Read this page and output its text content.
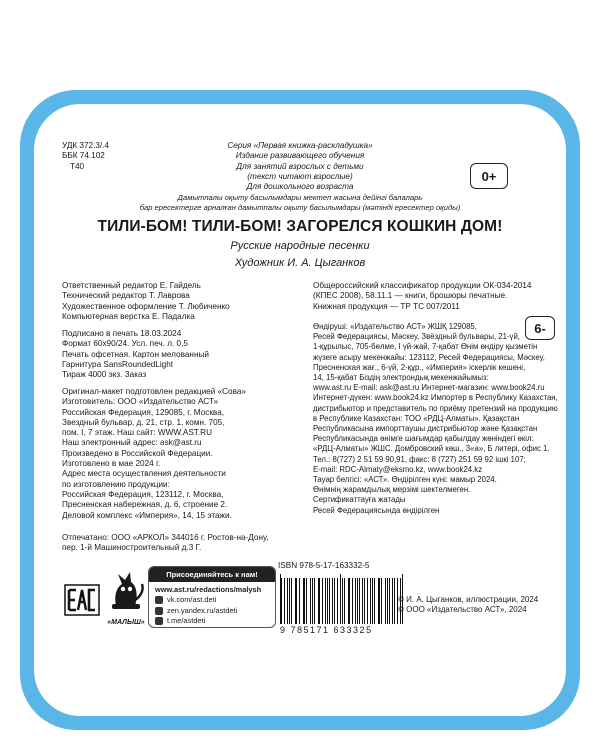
УДК 372.3/.4
ББК 74.102
Т40
Серия «Первая книжка-раскладушка»
Издание развивающего обучения
Для занятий взрослых с детьми
(текст читают взрослые)
Для дошкольного возраста
Дамытпалы оқыту басылымдары мектеп жасына дейінгі балаларь
бар ересектерге арналған дамытпалы оқыту басылымдары (мәтінді ересектер оқиды)
0+
ТИЛИ-БОМ! ТИЛИ-БОМ! ЗАГОРЕЛСЯ КОШКИН ДОМ!
Русские народные песенки
Художник И. А. Цыганков
Ответственный редактор Е. Гайдель
Технический редактор Т. Лаврова
Художественное оформление Т. Любиченко
Компьютерная верстка Е. Падалка
Подписано в печать 18.03.2024
Формат 60x90/24. Усл. печ. л. 0,5
Печать офсетная. Картон мелованный
Гарнитура SansRoundedLight
Тираж 4000 экз. Заказ
Оригинал-макет подготовлен редакцией «Сова»
Изготовитель: ООО «Издательство АСТ»
Российская Федерация, 129085, г. Москва,
Звездный бульвар, д. 21, стр. 1, комн. 705,
пом. I, 7 этаж. Наш сайт: WWW.AST.RU
Наш электронный адрес: ask@ast.ru
Произведено в Российской Федерации.
Изготовлено в мае 2024 г.
Адрес места осуществления деятельности
по изготовлению продукции:
Российская Федерация, 123112, г. Москва,
Пресненская набережная, д. 6, строение 2.
Деловой комплекс «Империя», 14, 15 этажи.
Отпечатано: ООО «АРКОЛ» 344016 г. Ростов-на-Дону,
пер. 1-й Машиностроительный д.3 Г.
Общероссийский классификатор продукции ОК-034-2014
(КПЕС 2008), 58.11.1 — книги, брошюры печатные.
Книжная продукция — ТР ТС 007/2011
6-
Өндіруші: «Издательство АСТ» ЖШҚ 129085,
Ресей Федерациясы, Мәскеу, Звёздный бульвары, 21-үй,
1-құрылыс, 705-бөлме, I үй-жай, 7-қабат Өнім өндіру қызметін
жүзеге асыру мекенжайы: 123112, Ресей Федерациясы, Мәскеу,
Пресненская жағ., 6-үй, 2-құр., «Империя» іскерлік кешені,
14, 15-қабат Біздің электрондық мекенжайымыз:
www.ast.ru E-mail: ask@ast.ru Интернет-магазин: www.book24.ru
Интернет-дүкен: www.book24.kz Импортер в Республику Казахстан,
дистрибьютор и представитель по приёму претензий на продукцию
в Республике Казахстан: ТОО «РДЦ-Алматы». Қазақстан
Республикасына импорттаушы дистрибьютор және Қазақстан
Республикасында өнімге шағымдар қабылдау жөніндегі өкіл:
«РДЦ-Алматы» ЖШС. Домбровский көш., 3«а», Б литері, офис 1.
Тел.: 8(727) 2 51 59 90,91, факс: 8 (727) 251 59 92 ішкі 107;
E-mail: RDC-Almaty@eksmo.kz, www.book24.kz
Тауар белгісі: «АСТ». Өндірілген күні: мамыр 2024.
Өнімнің жарамдылық мерзімі шектелмеген.
Сертификаттауға жатады
Ресей Федерациясында өндірілген
«МАЛЫШ»
Присоединяйтесь к нам!
www.ast.ru/redactions/malysh
vk.com/ast.deti
zen.yandex.ru/astdeti
t.me/astdeti
ISBN 978-5-17-163332-5
9 785171 633325
© И. А. Цыганков, иллюстрации, 2024
© ООО «Издательство АСТ», 2024
